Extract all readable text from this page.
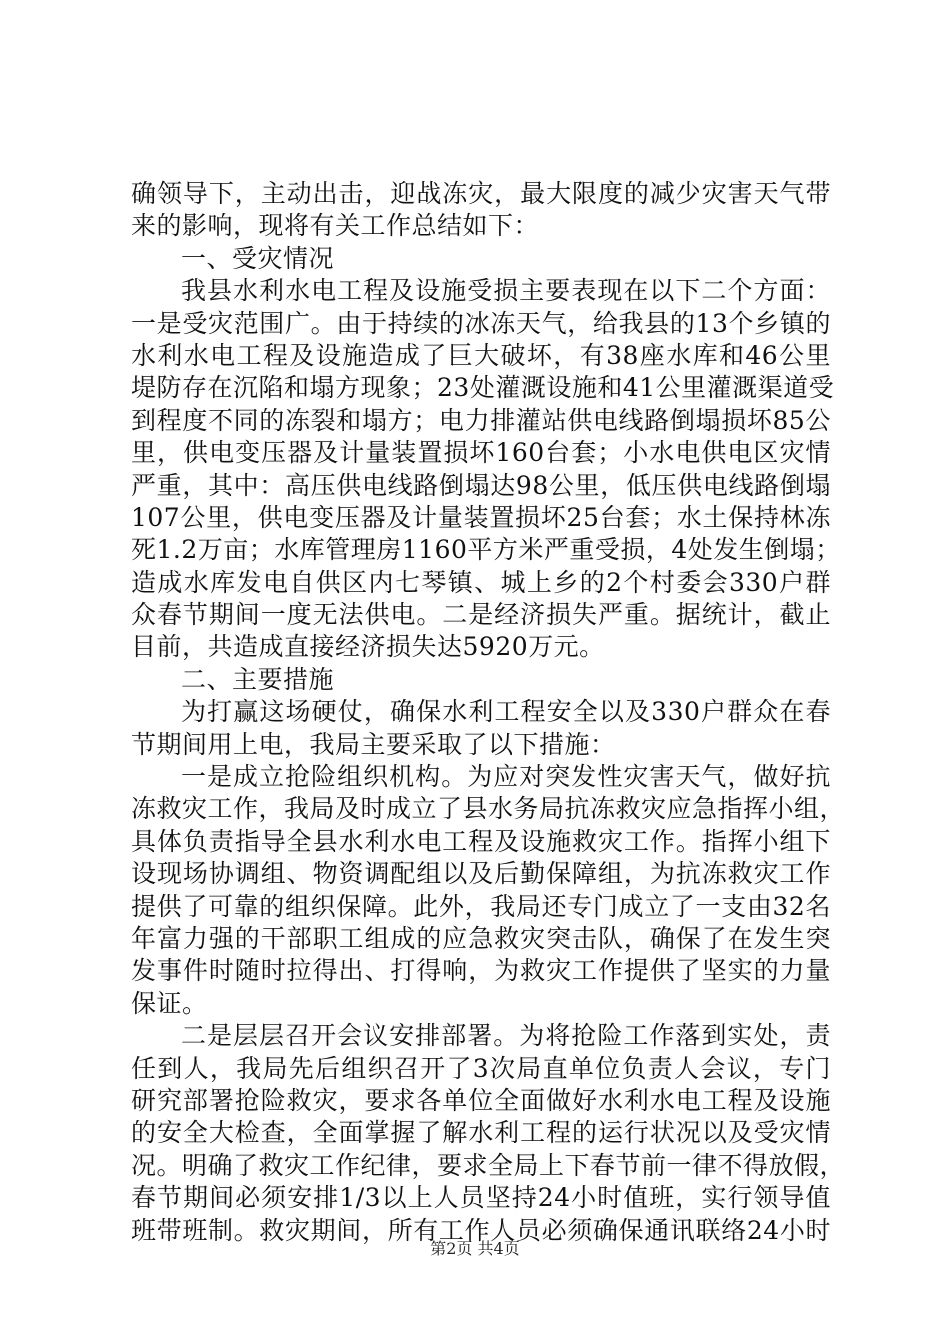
确领导下，主动出击，迎战冻灾，最大限度的减少灾害天气带
来的影响，现将有关工作总结如下：
一、受灾情况
我县水利水电工程及设施受损主要表现在以下二个方面：
一是受灾范围广。由于持续的冰冻天气，给我县的13个乡镇的
水利水电工程及设施造成了巨大破坏，有38座水库和46公里
堤防存在沉陷和塌方现象；23处灌溉设施和41公里灌溉渠道受
到程度不同的冻裂和塌方；电力排灌站供电线路倒塌损坏85公
里，供电变压器及计量装置损坏160台套；小水电供电区灾情
严重，其中：高压供电线路倒塌达98公里，低压供电线路倒塌
107公里，供电变压器及计量装置损坏25台套；水土保持林冻
死1.2万亩；水库管理房1160平方米严重受损，4处发生倒塌；
造成水库发电自供区内七琴镇、城上乡的2个村委会330户群
众春节期间一度无法供电。二是经济损失严重。据统计，截止
目前，共造成直接经济损失达5920万元。
二、主要措施
为打赢这场硬仗，确保水利工程安全以及330户群众在春
节期间用上电，我局主要采取了以下措施：
一是成立抢险组织机构。为应对突发性灾害天气，做好抗
冻救灾工作，我局及时成立了县水务局抗冻救灾应急指挥小组，
具体负责指导全县水利水电工程及设施救灾工作。指挥小组下
设现场协调组、物资调配组以及后勤保障组，为抗冻救灾工作
提供了可靠的组织保障。此外，我局还专门成立了一支由32名
年富力强的干部职工组成的应急救灾突击队，确保了在发生突
发事件时随时拉得出、打得响，为救灾工作提供了坚实的力量
保证。
二是层层召开会议安排部署。为将抢险工作落到实处，责
任到人，我局先后组织召开了3次局直单位负责人会议，专门
研究部署抢险救灾，要求各单位全面做好水利水电工程及设施
的安全大检查，全面掌握了解水利工程的运行状况以及受灾情
况。明确了救灾工作纪律，要求全局上下春节前一律不得放假，
春节期间必须安排1/3以上人员坚持24小时值班，实行领导值
班带班制。救灾期间，所有工作人员必须确保通讯联络24小时
第2页 共4页
